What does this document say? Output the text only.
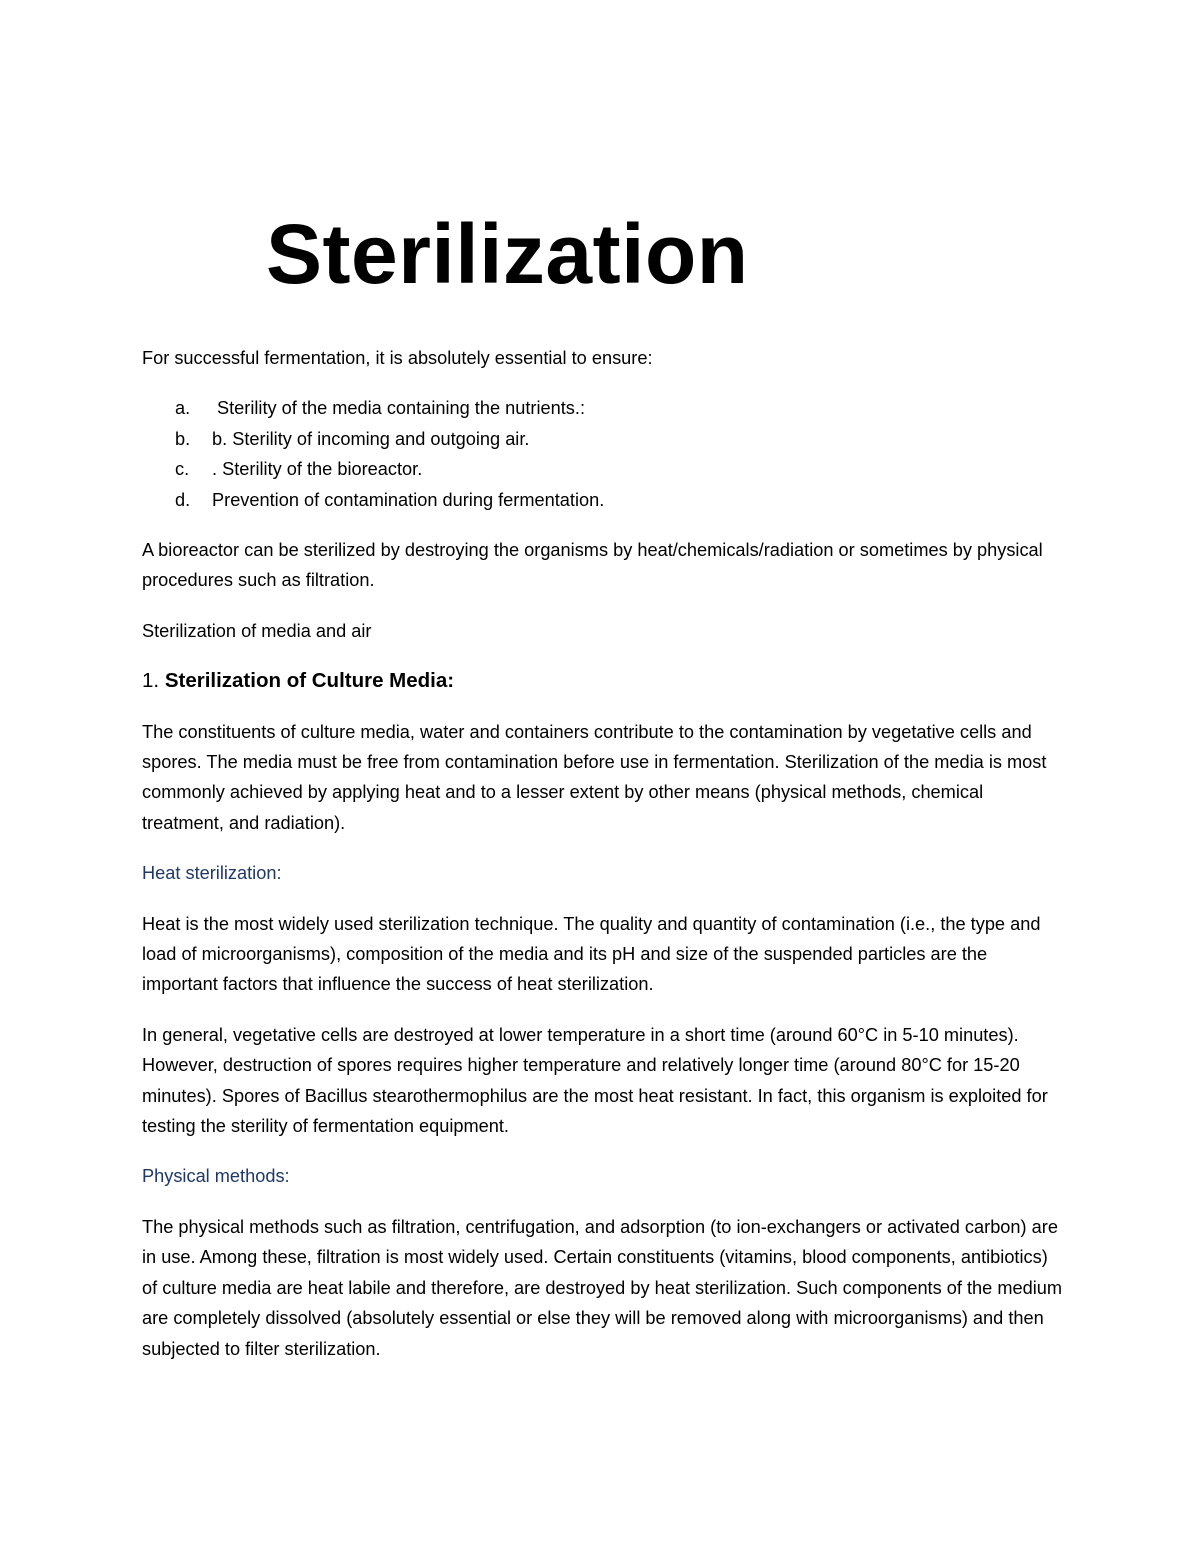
Sterilization

For successful fermentation, it is absolutely essential to ensure:

a. Sterility of the media containing the nutrients.:
b. b. Sterility of incoming and outgoing air.
c. . Sterility of the bioreactor.
d. Prevention of contamination during fermentation.

A bioreactor can be sterilized by destroying the organisms by heat/chemicals/radiation or sometimes by physical procedures such as filtration.

Sterilization of media and air

1. Sterilization of Culture Media:

The constituents of culture media, water and containers contribute to the contamination by vegetative cells and spores. The media must be free from contamination before use in fermentation. Sterilization of the media is most commonly achieved by applying heat and to a lesser extent by other means (physical methods, chemical treatment, and radiation).

Heat sterilization:

Heat is the most widely used sterilization technique. The quality and quantity of contamination (i.e., the type and load of microorganisms), composition of the media and its pH and size of the suspended particles are the important factors that influence the success of heat sterilization.

In general, vegetative cells are destroyed at lower temperature in a short time (around 60°C in 5-10 minutes). However, destruction of spores requires higher temperature and relatively longer time (around 80°C for 15-20 minutes). Spores of Bacillus stearothermophilus are the most heat resistant. In fact, this organism is exploited for testing the sterility of fermentation equipment.

Physical methods:

The physical methods such as filtration, centrifugation, and adsorption (to ion-exchangers or activated carbon) are in use. Among these, filtration is most widely used. Certain constituents (vitamins, blood components, antibiotics) of culture media are heat labile and therefore, are destroyed by heat sterilization. Such components of the medium are completely dissolved (absolutely essential or else they will be removed along with microorganisms) and then subjected to filter sterilization.
